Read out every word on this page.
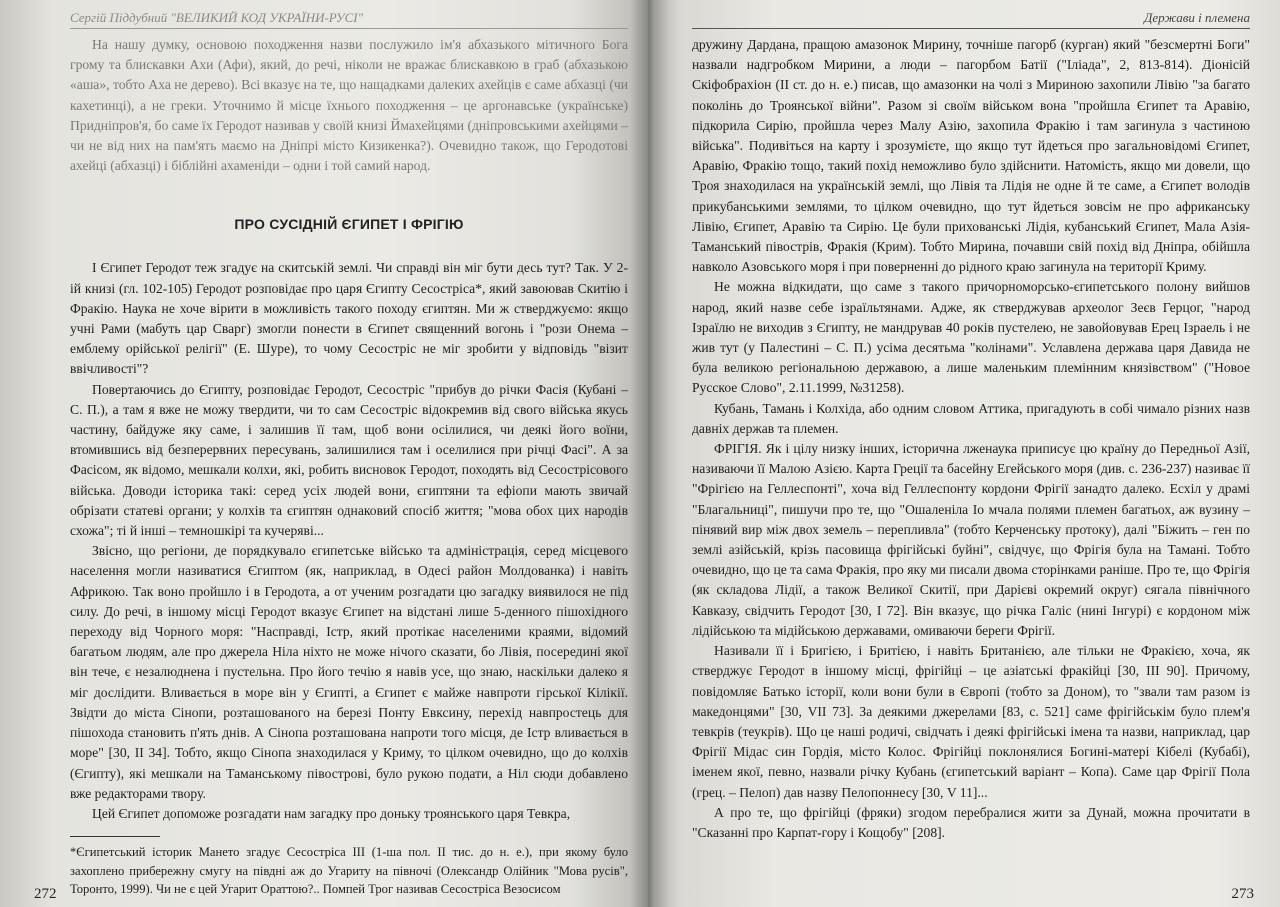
Сергій Піддубний "ВЕЛИКИЙ КОД УКРАЇНИ-РУСІ"

На нашу думку, основою походження назви послужило ім'я абхазького мітичного Бога грому та блискавки Ахи (Афи), який, до речі, ніколи не вражає блискавкою в граб (абхазькою «аша», тобто Аха не дерево). Всі вказує на те, що нащадками далеких ахейців є саме абхазці (чи кахетинці), а не греки. Уточнимо й місце їхнього походження – це аргонавське (українське) Придніпров'я, бо саме їх Геродот називав у своїй книзі Ймахейцями (дніпровськими ахейцями – чи не від них на пам'ять маємо на Дніпрі місто Кизикенка?). Очевидно також, що Геродотові ахейці (абхазці) і біблійні ахаменіди – одни і той самий народ.

ПРО СУСІДНІЙ ЄГИПЕТ І ФРІГІЮ

І Єгипет Геродот теж згадує на скитській землі. Чи справді він міг бути десь тут? Так. У 2-ій книзі (гл. 102-105) Геродот розповідає про царя Єгипту Сесостріса*, який завоював Скитію і Фракію. Наука не хоче вірити в можливість такого походу єгиптян. Ми ж стверджуємо: якщо учні Рами (мабуть цар Сварг) змогли понести в Єгипет священний вогонь і "рози Онема – емблему орійської релігії" (Е. Шуре), то чому Сесостріс не міг зробити у відповідь "візит ввічливості"?

Повертаючись до Єгипту, розповідає Геродот, Сесостріс "прибув до річки Фасія (Кубані – С. П.), а там я вже не можу твердити, чи то сам Сесостріс відокремив від свого війська якусь частину, байдуже яку саме, і залишив її там, щоб вони осілилися, чи деякі його воїни, втомившись від безперервних пересувань, залишилися там і оселилися при річці Фасі". А за Фасісом, як відомо, мешкали колхи, які, робить висновок Геродот, походять від Сесострісового війська. Доводи історика такі: серед усіх людей вони, єгиптяни та ефіопи мають звичай обрізати статеві органи; у колхів та єгиптян однаковий спосіб життя; "мова обох цих народів схожа"; ті й інші – темношкірі та кучеряві...

Звісно, що регіони, де порядкувало єгипетське військо та адміністрація, серед місцевого населення могли називатися Єгиптом (як, наприклад, в Одесі район Молдованка) і навіть Африкою. Так воно пройшло і в Геродота, а от ученим розгадати цю загадку виявилося не під силу. До речі, в іншому місці Геродот вказує Єгипет на відстані лише 5-денного пішохідного переходу від Чорного моря: "Насправді, Істр, який протікає населеними краями, відомий багатьом людям, але про джерела Ніла ніхто не може нічого сказати, бо Лівія, посередині якої він тече, є незалюднена і пустельна. Про його течію я навів усе, що знаю, наскільки далеко я міг дослідити. Вливається в море він у Єгипті, а Єгипет є майже навпроти гірської Кілікії. Звідти до міста Сінопи, розташованого на березі Понту Евксину, перехід навпростець для пішохода становить п'ять днів. А Сінопа розташована напроти того місця, де Істр вливається в море" [30, II 34]. Тобто, якщо Сінопа знаходилася у Криму, то цілком очевидно, що до колхів (Єгипту), які мешкали на Таманському півострові, було рукою подати, а Ніл сюди добавлено вже редакторами твору.

Цей Єгипет допоможе розгадати нам загадку про доньку троянського царя Тевкра,

*Єгипетський історик Мането згадує Сесостріса III (1-ша пол. II тис. до н. е.), при якому було захоплено прибережну смугу на півдні аж до Угариту на півночі (Олександр Олійник "Мова русів", Торонто, 1999). Чи не є цей Угарит Ораттою?.. Помпей Трог називав Сесостріса Везосисом

272
Держави і племена

дружину Дардана, пращою амазонок Мирину, точніше пагорб (курган) який "безсмертні Боги" назвали надгробком Мирини, а люди – пагорбом Батії ("Іліада", 2, 813-814). Діонісій Скіфобрахіон (II ст. до н. е.) писав, що амазонки на чолі з Мириною захопили Лівію "за багато поколінь до Троянської війни". Разом зі своїм військом вона "пройшла Єгипет та Аравію, підкорила Сирію, пройшла через Малу Азію, захопила Фракію і там загинула з частиною війська". Подивіться на карту і зрозумієте, що якщо тут йдеться про загальновідомі Єгипет, Аравію, Фракію тощо, такий похід неможливо було здійснити. Натомість, якщо ми довели, що Троя знаходилася на українській землі, що Лівія та Лідія не одне й те саме, а Єгипет володів прикубанськими землями, то цілком очевидно, що тут йдеться зовсім не про африканську Лівію, Єгипет, Аравію та Сирію. Це були прихованські Лідія, кубанський Єгипет, Мала Азія-Таманський півострів, Фракія (Крим). Тобто Мирина, почавши свій похід від Дніпра, обійшла навколо Азовського моря і при поверненні до рідного краю загинула на території Криму.

Не можна відкидати, що саме з такого причорноморсько-єгипетського полону вийшов народ, який назве себе ізраїльтянами. Адже, як стверджував археолог Зеєв Герцог, "народ Ізраїлю не виходив з Єгипту, не мандрував 40 років пустелею, не завойовував Ерец Ізраель і не жив тут (у Палестині – С. П.) усіма десятьма "колінами". Уславлена держава царя Давида не була великою регіональною державою, а лише маленьким племінним князівством" ("Новое Русское Слово", 2.11.1999, №31258).

Кубань, Тамань і Колхіда, або одним словом Аттика, пригадують в собі чимало різних назв давніх держав та племен.

ФРІГІЯ. Як і цілу низку інших, історична лженаука приписує цю країну до Передньої Азії, називаючи її Малою Азією. Карта Греції та басейну Егейського моря (див. с. 236-237) називає її "Фрігією на Геллеспонті", хоча від Геллеспонту кордони Фрігії занадто далеко. Есхіл у драмі "Благальниці", пишучи про те, що "Ошаленіла Іо мчала полями племен багатьох, аж вузину – пінявий вир між двох земель – перепливла" (тобто Керченську протоку), далі "Біжить – ген по землі азійській, крізь пасовища фрігійські буйні", свідчує, що Фрігія була на Тамані. Тобто очевидно, що це та сама Фракія, про яку ми писали двома сторінками раніше. Про те, що Фрігія (як складова Лідії, а також Великої Скитії, при Дарієві окремий округ) сягала північного Кавказу, свідчить Геродот [30, I 72]. Він вказує, що річка Галіс (нині Інгурі) є кордоном між лідійською та мідійською державами, омиваючи береги Фрігії.

Називали її і Бригією, і Бритією, і навіть Британією, але тільки не Фракією, хоча, як стверджує Геродот в іншому місці, фрігійці – це азіатські фракійці [30, III 90]. Причому, повідомляє Батько історії, коли вони були в Європі (тобто за Доном), то "звали там разом із македонцями" [30, VII 73]. За деякими джерелами [83, с. 521] саме фрігійськім було плем'я тевкрів (теукрів). Що це наші родичі, свідчать і деякі фрігійські імена та назви, наприклад, цар Фрігії Мідас син Гордія, місто Колос. Фрігійці поклонялися Богині-матері Кібелі (Кубабі), іменем якої, певно, назвали річку Кубань (єгипетський варіант – Копа). Саме цар Фрігії Пола (грец. – Пелоп) дав назву Пелопоннесу [30, V 11]...

А про те, що фрігійці (фряки) згодом перебралися жити за Дунай, можна прочитати в "Сказанні про Карпат-гору і Кощобу" [208].

273
